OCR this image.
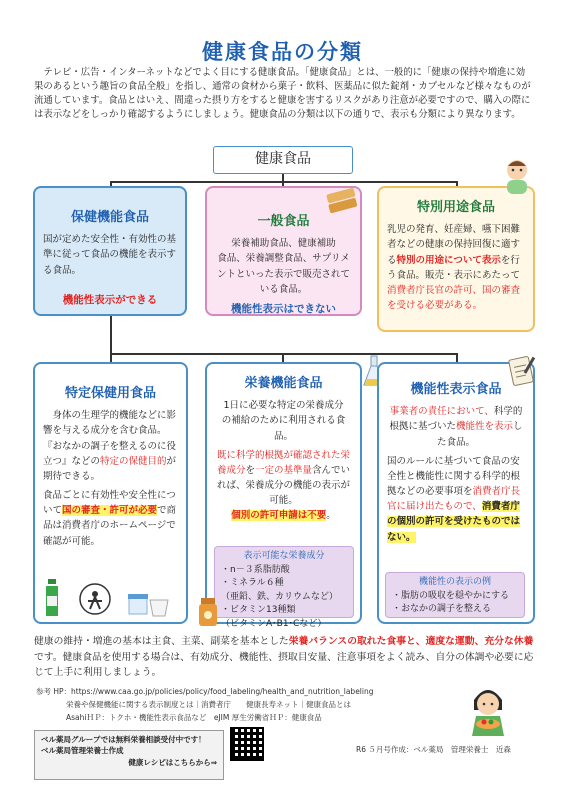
健康食品の分類

テレビ・広告・インターネットなどでよく目にする健康食品。「健康食品」とは、一般的に「健康の保持や増進に効果のあるという趣旨の食品全般」を指し、通常の食材から菓子・飲料、医薬品に似た錠剤・カプセルなど様々なものが流通しています。食品とはいえ、間違った摂り方をすると健康を害するリスクがあり注意が必要ですので、購入の際には表示などをしっかり確認するようにしましょう。健康食品の分類は以下の通りで、表示も分類により異なります。

健康食品
保健機能食品

国が定めた安全性・有効性の基準に従って食品の機能を表示する食品。

機能性表示ができる

一般食品

栄養補助食品、健康補助

食品、栄養調整食品、サプリメントといった表示で販売されている食品。

機能性表示はできない

特別用途食品

乳児の発育、妊産婦、嚥下困難者などの健康の保持回復に適する特別の用途について表示を行う食品。販売・表示にあたって消費者庁長官の許可、国の審査を受ける必要がある。

特定保健用食品

身体の生理学的機能などに影響を与える成分を含む食品。『おなかの調子を整えるのに役立つ』などの特定の保健目的が期待できる。

食品ごとに有効性や安全性について国の審査・許可が必要で商品は消費者庁のホームページで確認が可能。

栄養機能食品

1日に必要な特定の栄養成分の補給のために利用される食品。

既に科学的根拠が確認された栄養成分を一定の基準量含んでいれば、栄養成分の機能の表示が可能。

個別の許可申請は不要。

表示可能な栄養成分
・n－３系脂肪酸
・ミネラル６種
（亜鉛、鉄、カリウムなど）
・ビタミン13種類
（ビタミンA･B1･Cなど）
機能性表示食品

事業者の責任において、科学的根拠に基づいた機能性を表示した食品。

国のルールに基づいて食品の安全性と機能性に関する科学的根拠などの必要事項を消費者庁長官に届け出たもので、消費者庁の個別の許可を受けたものではない。

機能性の表示の例
・脂肪の吸収を穏やかにする
・おなかの調子を整える

健康の維持・増進の基本は主食、主菜、副菜を基本とした栄養バランスの取れた食事と、適度な運動、充分な休養です。健康食品を使用する場合は、有効成分、機能性、摂取目安量、注意事項をよく読み、自分の体調や必要に応じて上手に利用しましょう。

参考 HP：https://www.caa.go.jp/policies/policy/food_labeling/health_and_nutrition_labeling
栄養や保健機能に関する表示制度とは｜消費者庁　　健康長寿ネット｜健康食品とは
AsahiＨＰ：トクホ・機能性表示食品など　eJIM 厚生労働省ＨＰ：健康食品
ベル薬局グループでは無料栄養相談受付中です！
ベル薬局管理栄養士作成
健康レシピはこちらから⇒
R6 ５月号作成：ベル薬局　管理栄養士　近森
